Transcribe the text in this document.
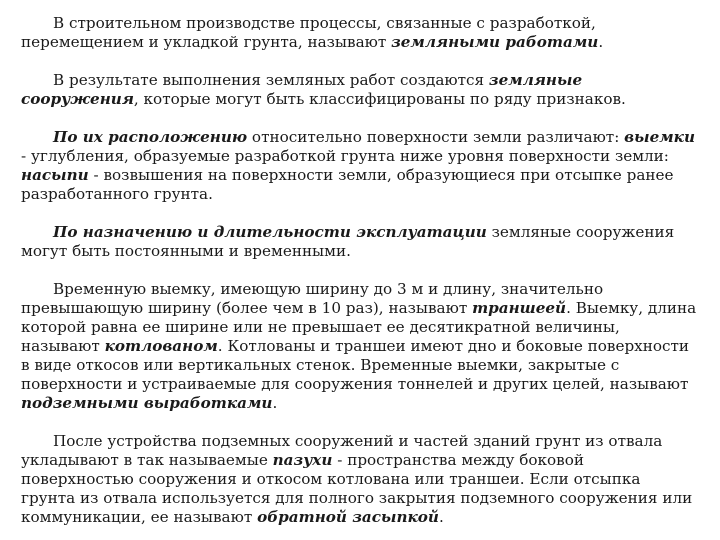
В строительном производстве процессы, связанные с разработкой, перемещением и укладкой грунта, называют земляными работами.

В результате выполнения земляных работ создаются земляные сооружения, которые могут быть классифицированы по ряду признаков.

По их расположению относительно поверхности земли различают: выемки - углубления, образуемые разработкой грунта ниже уровня поверхности земли: насыпи - возвышения на поверхности земли, образующиеся при отсыпке ранее разработанного грунта.

По назначению и длительности эксплуатации земляные сооружения могут быть постоянными и временными.

Временную выемку, имеющую ширину до 3 м и длину, значительно превышающую ширину (более чем в 10 раз), называют траншеей. Выемку, длина которой равна ее ширине или не превышает ее десятикратной величины, называют котлованом. Котлованы и траншеи имеют дно и боковые поверхности в виде откосов или вертикальных стенок. Временные выемки, закрытые с поверхности и устраиваемые для сооружения тоннелей и других целей, называют подземными выработками.

После устройства подземных сооружений и частей зданий грунт из отвала укладывают в так называемые пазухи - пространства между боковой поверхностью сооружения и откосом котлована или траншеи. Если отсыпка грунта из отвала используется для полного закрытия подземного сооружения или коммуникации, ее называют обратной засыпкой.
